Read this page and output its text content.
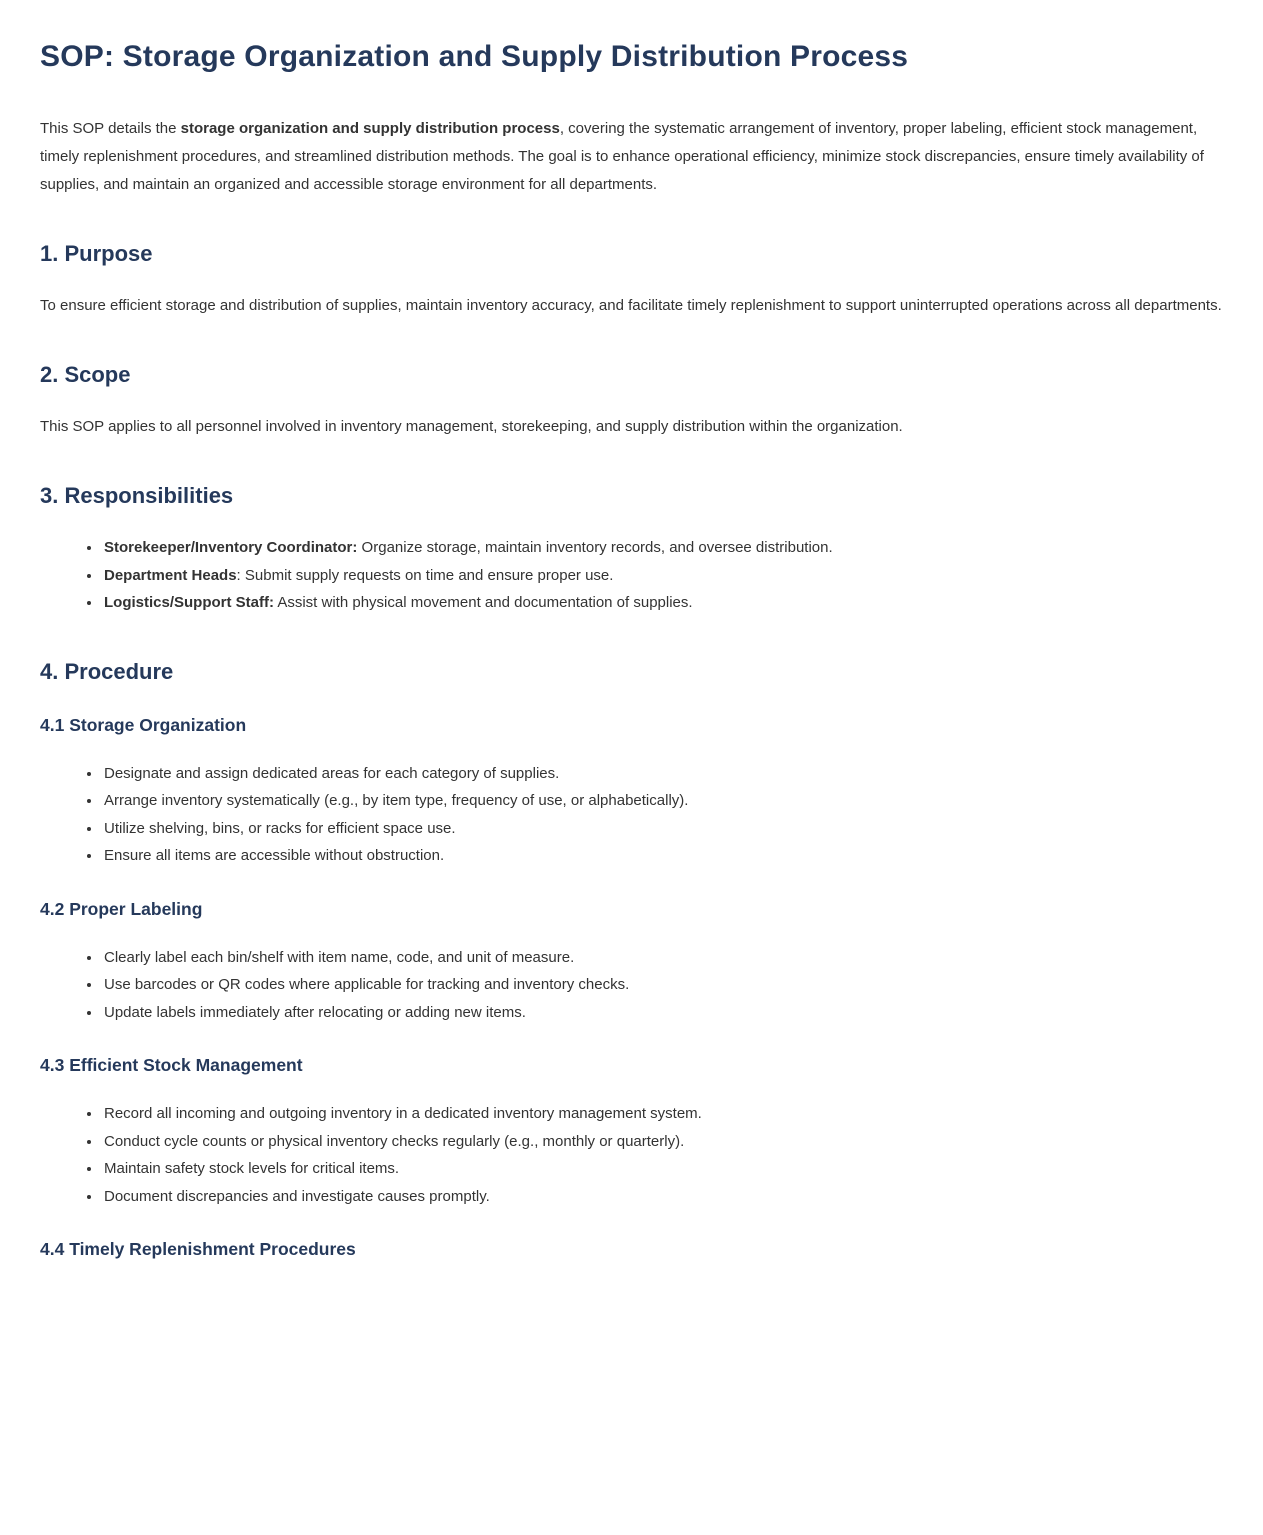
SOP: Storage Organization and Supply Distribution Process

This SOP details the storage organization and supply distribution process, covering the systematic arrangement of inventory, proper labeling, efficient stock management, timely replenishment procedures, and streamlined distribution methods. The goal is to enhance operational efficiency, minimize stock discrepancies, ensure timely availability of supplies, and maintain an organized and accessible storage environment for all departments.

1. Purpose

To ensure efficient storage and distribution of supplies, maintain inventory accuracy, and facilitate timely replenishment to support uninterrupted operations across all departments.

2. Scope

This SOP applies to all personnel involved in inventory management, storekeeping, and supply distribution within the organization.

3. Responsibilities
• Storekeeper/Inventory Coordinator: Organize storage, maintain inventory records, and oversee distribution.
• Department Heads: Submit supply requests on time and ensure proper use.
• Logistics/Support Staff: Assist with physical movement and documentation of supplies.
4. Procedure
4.1 Storage Organization
• Designate and assign dedicated areas for each category of supplies.
• Arrange inventory systematically (e.g., by item type, frequency of use, or alphabetically).
• Utilize shelving, bins, or racks for efficient space use.
• Ensure all items are accessible without obstruction.
4.2 Proper Labeling
• Clearly label each bin/shelf with item name, code, and unit of measure.
• Use barcodes or QR codes where applicable for tracking and inventory checks.
• Update labels immediately after relocating or adding new items.
4.3 Efficient Stock Management
• Record all incoming and outgoing inventory in a dedicated inventory management system.
• Conduct cycle counts or physical inventory checks regularly (e.g., monthly or quarterly).
• Maintain safety stock levels for critical items.
• Document discrepancies and investigate causes promptly.
4.4 Timely Replenishment Procedures
